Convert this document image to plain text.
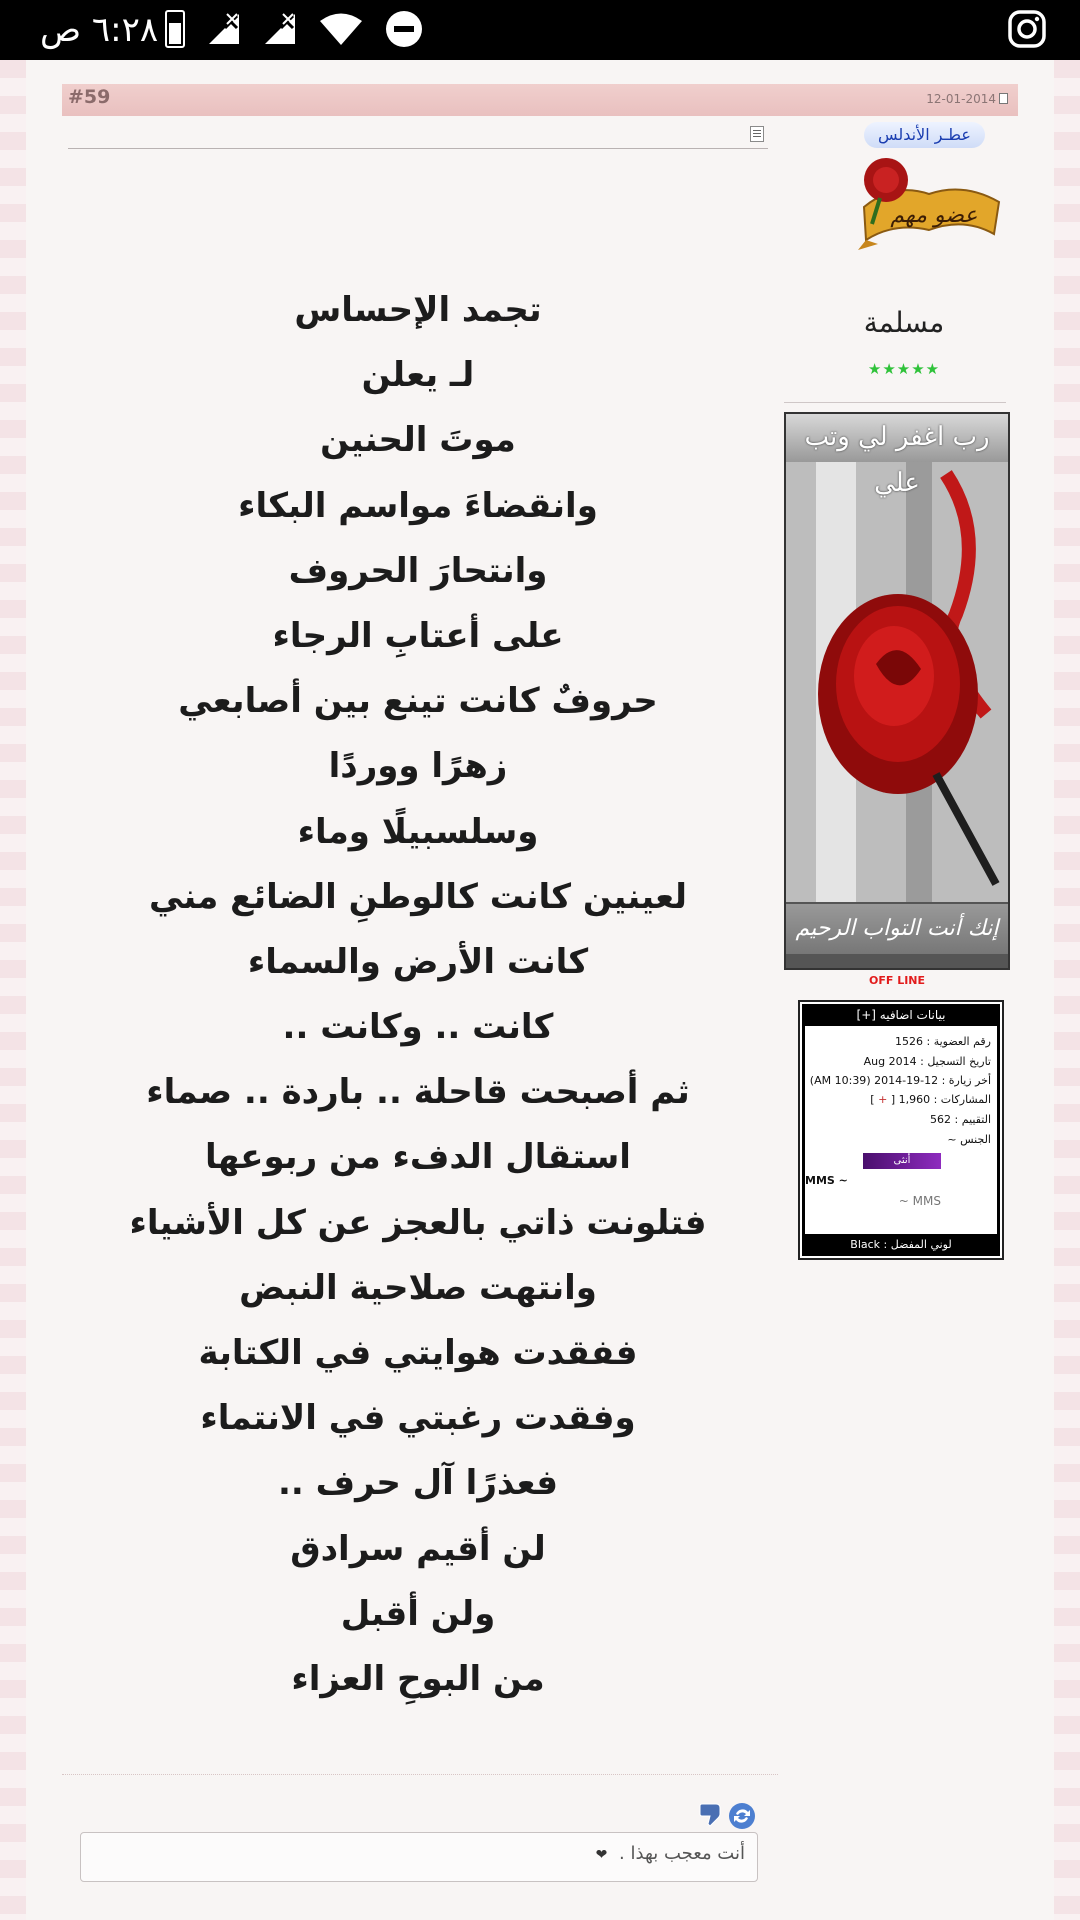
٦:٢٨ ص
#59	12-01-2014
عطـر الأندلس
عضو مهم
مسلمة
★★★★★
رب اغفر لي وتب علي
إنك أنت التواب الرحيم
OFF LINE
بيانات اضافيه [+]
رقم العضوية : 1526
تاريخ التسجيل : Aug 2014
أخر زيارة : 12-19-2014 (10:39 AM)
المشاركات : 1,960 [ + ]
التقييم : 562
الجنس ~
أنثى
MMS ~
MMS ~
لوني المفضل : Black
تجمد الإحساس
لـ يعلن
موتَ الحنين
وانقضاءَ مواسم البكاء
وانتحارَ الحروف
على أعتابِ الرجاء
حروفٌ كانت تينع بين أصابعي
زهرًا ووردًا
وسلسبيلًا وماء
لعينين كانت كالوطنِ الضائع مني
كانت الأرض والسماء
كانت .. وكانت ..
ثم أصبحت قاحلة .. باردة .. صماء
استقال الدفء من ربوعها
فتلونت ذاتي بالعجز عن كل الأشياء
وانتهت صلاحية النبض
ففقدت هوايتي في الكتابة
وفقدت رغبتي في الانتماء
فعذرًا آل حرف ..
لن أقيم سرادق
ولن أقبل
من البوحِ العزاء
أنت معجب بهذا . ❤
